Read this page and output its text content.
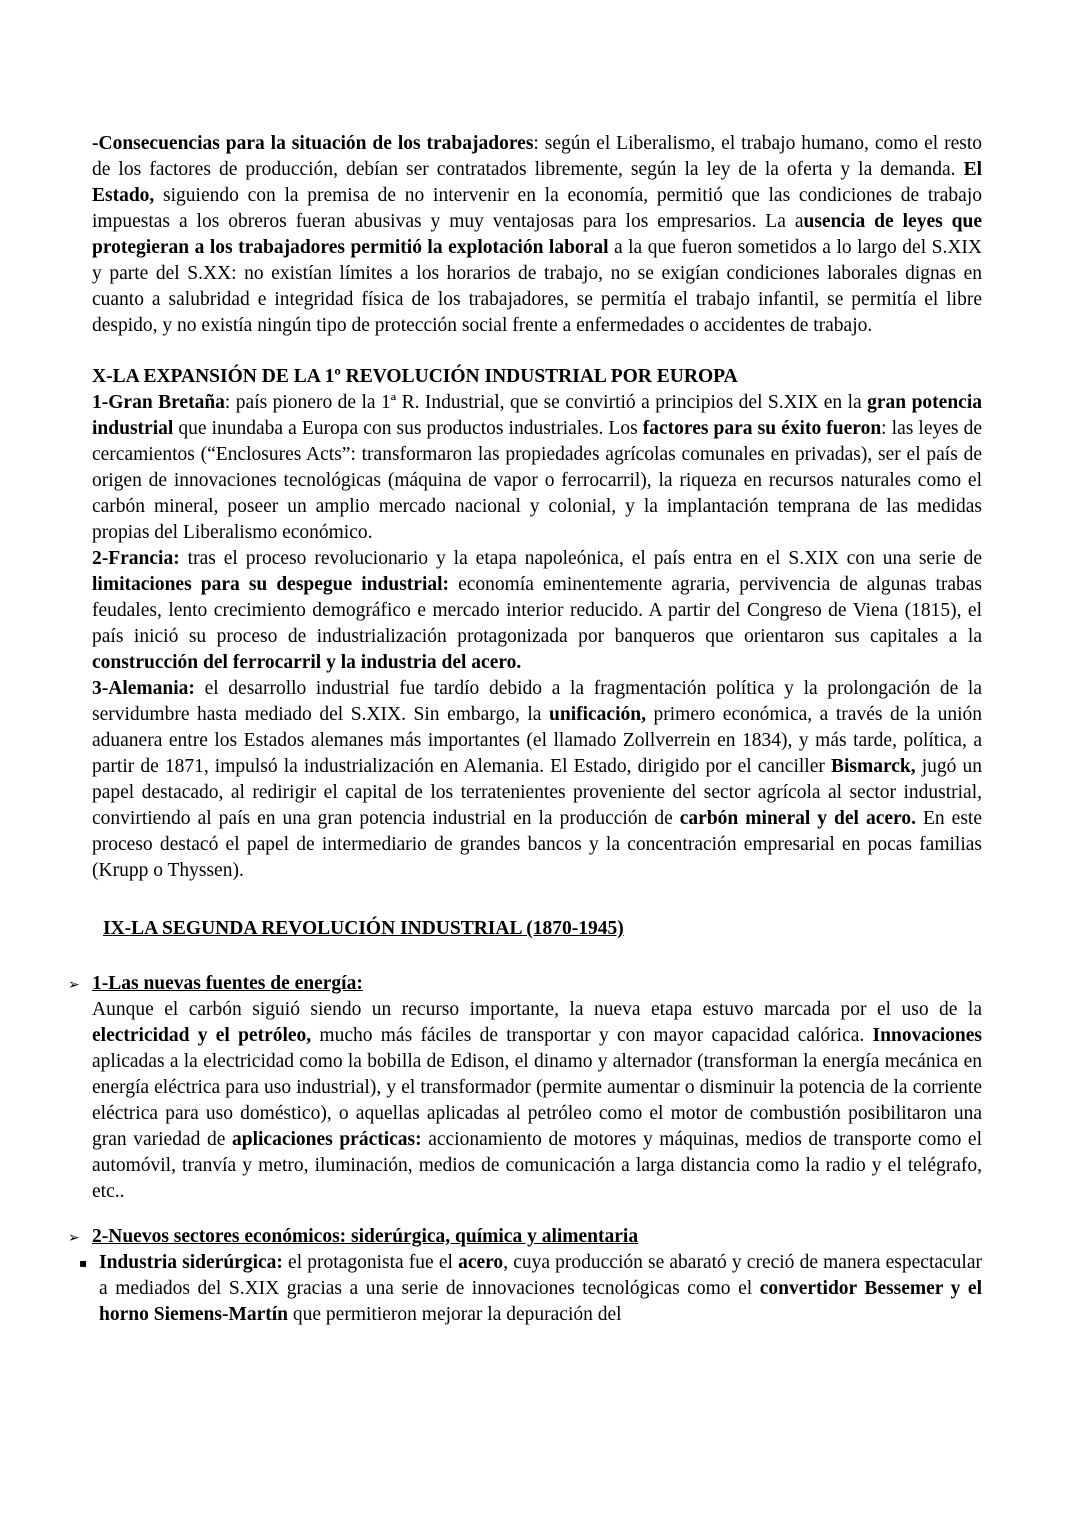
-Consecuencias para la situación de los trabajadores: según el Liberalismo, el trabajo humano, como el resto de los factores de producción, debían ser contratados libremente, según la ley de la oferta y la demanda. El Estado, siguiendo con la premisa de no intervenir en la economía, permitió que las condiciones de trabajo impuestas a los obreros fueran abusivas y muy ventajosas para los empresarios. La ausencia de leyes que protegieran a los trabajadores permitió la explotación laboral a la que fueron sometidos a lo largo del S.XIX y parte del S.XX: no existían límites a los horarios de trabajo, no se exigían condiciones laborales dignas en cuanto a salubridad e integridad física de los trabajadores, se permitía el trabajo infantil, se permitía el libre despido, y no existía ningún tipo de protección social frente a enfermedades o accidentes de trabajo.
X-LA EXPANSIÓN DE LA 1º REVOLUCIÓN INDUSTRIAL POR EUROPA
1-Gran Bretaña: país pionero de la 1ª R. Industrial, que se convirtió a principios del S.XIX en la gran potencia industrial que inundaba a Europa con sus productos industriales. Los factores para su éxito fueron: las leyes de cercamientos (“Enclosures Acts”: transformaron las propiedades agrícolas comunales en privadas), ser el país de origen de innovaciones tecnológicas (máquina de vapor o ferrocarril), la riqueza en recursos naturales como el carbón mineral, poseer un amplio mercado nacional y colonial, y la implantación temprana de las medidas propias del Liberalismo económico.
2-Francia: tras el proceso revolucionario y la etapa napoleónica, el país entra en el S.XIX con una serie de limitaciones para su despegue industrial: economía eminentemente agraria, pervivencia de algunas trabas feudales, lento crecimiento demográfico e mercado interior reducido. A partir del Congreso de Viena (1815), el país inició su proceso de industrialización protagonizada por banqueros que orientaron sus capitales a la construcción del ferrocarril y la industria del acero.
3-Alemania: el desarrollo industrial fue tardío debido a la fragmentación política y la prolongación de la servidumbre hasta mediado del S.XIX. Sin embargo, la unificación, primero económica, a través de la unión aduanera entre los Estados alemanes más importantes (el llamado Zollverrein en 1834), y más tarde, política, a partir de 1871, impulsó la industrialización en Alemania. El Estado, dirigido por el canciller Bismarck, jugó un papel destacado, al redirigir el capital de los terratenientes proveniente del sector agrícola al sector industrial, convirtiendo al país en una gran potencia industrial en la producción de carbón mineral y del acero. En este proceso destacó el papel de intermediario de grandes bancos y la concentración empresarial en pocas familias (Krupp o Thyssen).
IX-LA SEGUNDA REVOLUCIÓN INDUSTRIAL (1870-1945)
➢ 1-Las nuevas fuentes de energía:
Aunque el carbón siguió siendo un recurso importante, la nueva etapa estuvo marcada por el uso de la electricidad y el petróleo, mucho más fáciles de transportar y con mayor capacidad calórica. Innovaciones aplicadas a la electricidad como la bobilla de Edison, el dinamo y alternador (transforman la energía mecánica en energía eléctrica para uso industrial), y el transformador (permite aumentar o disminuir la potencia de la corriente eléctrica para uso doméstico), o aquellas aplicadas al petróleo como el motor de combustión posibilitaron una gran variedad de aplicaciones prácticas: accionamiento de motores y máquinas, medios de transporte como el automóvil, tranvía y metro, iluminación, medios de comunicación a larga distancia como la radio y el telégrafo, etc..
➢ 2-Nuevos sectores económicos: siderúrgica, química y alimentaria
▪ Industria siderúrgica: el protagonista fue el acero, cuya producción se abarató y creció de manera espectacular a mediados del S.XIX gracias a una serie de innovaciones tecnológicas como el convertidor Bessemer y el horno Siemens-Martín que permitieron mejorar la depuración del
